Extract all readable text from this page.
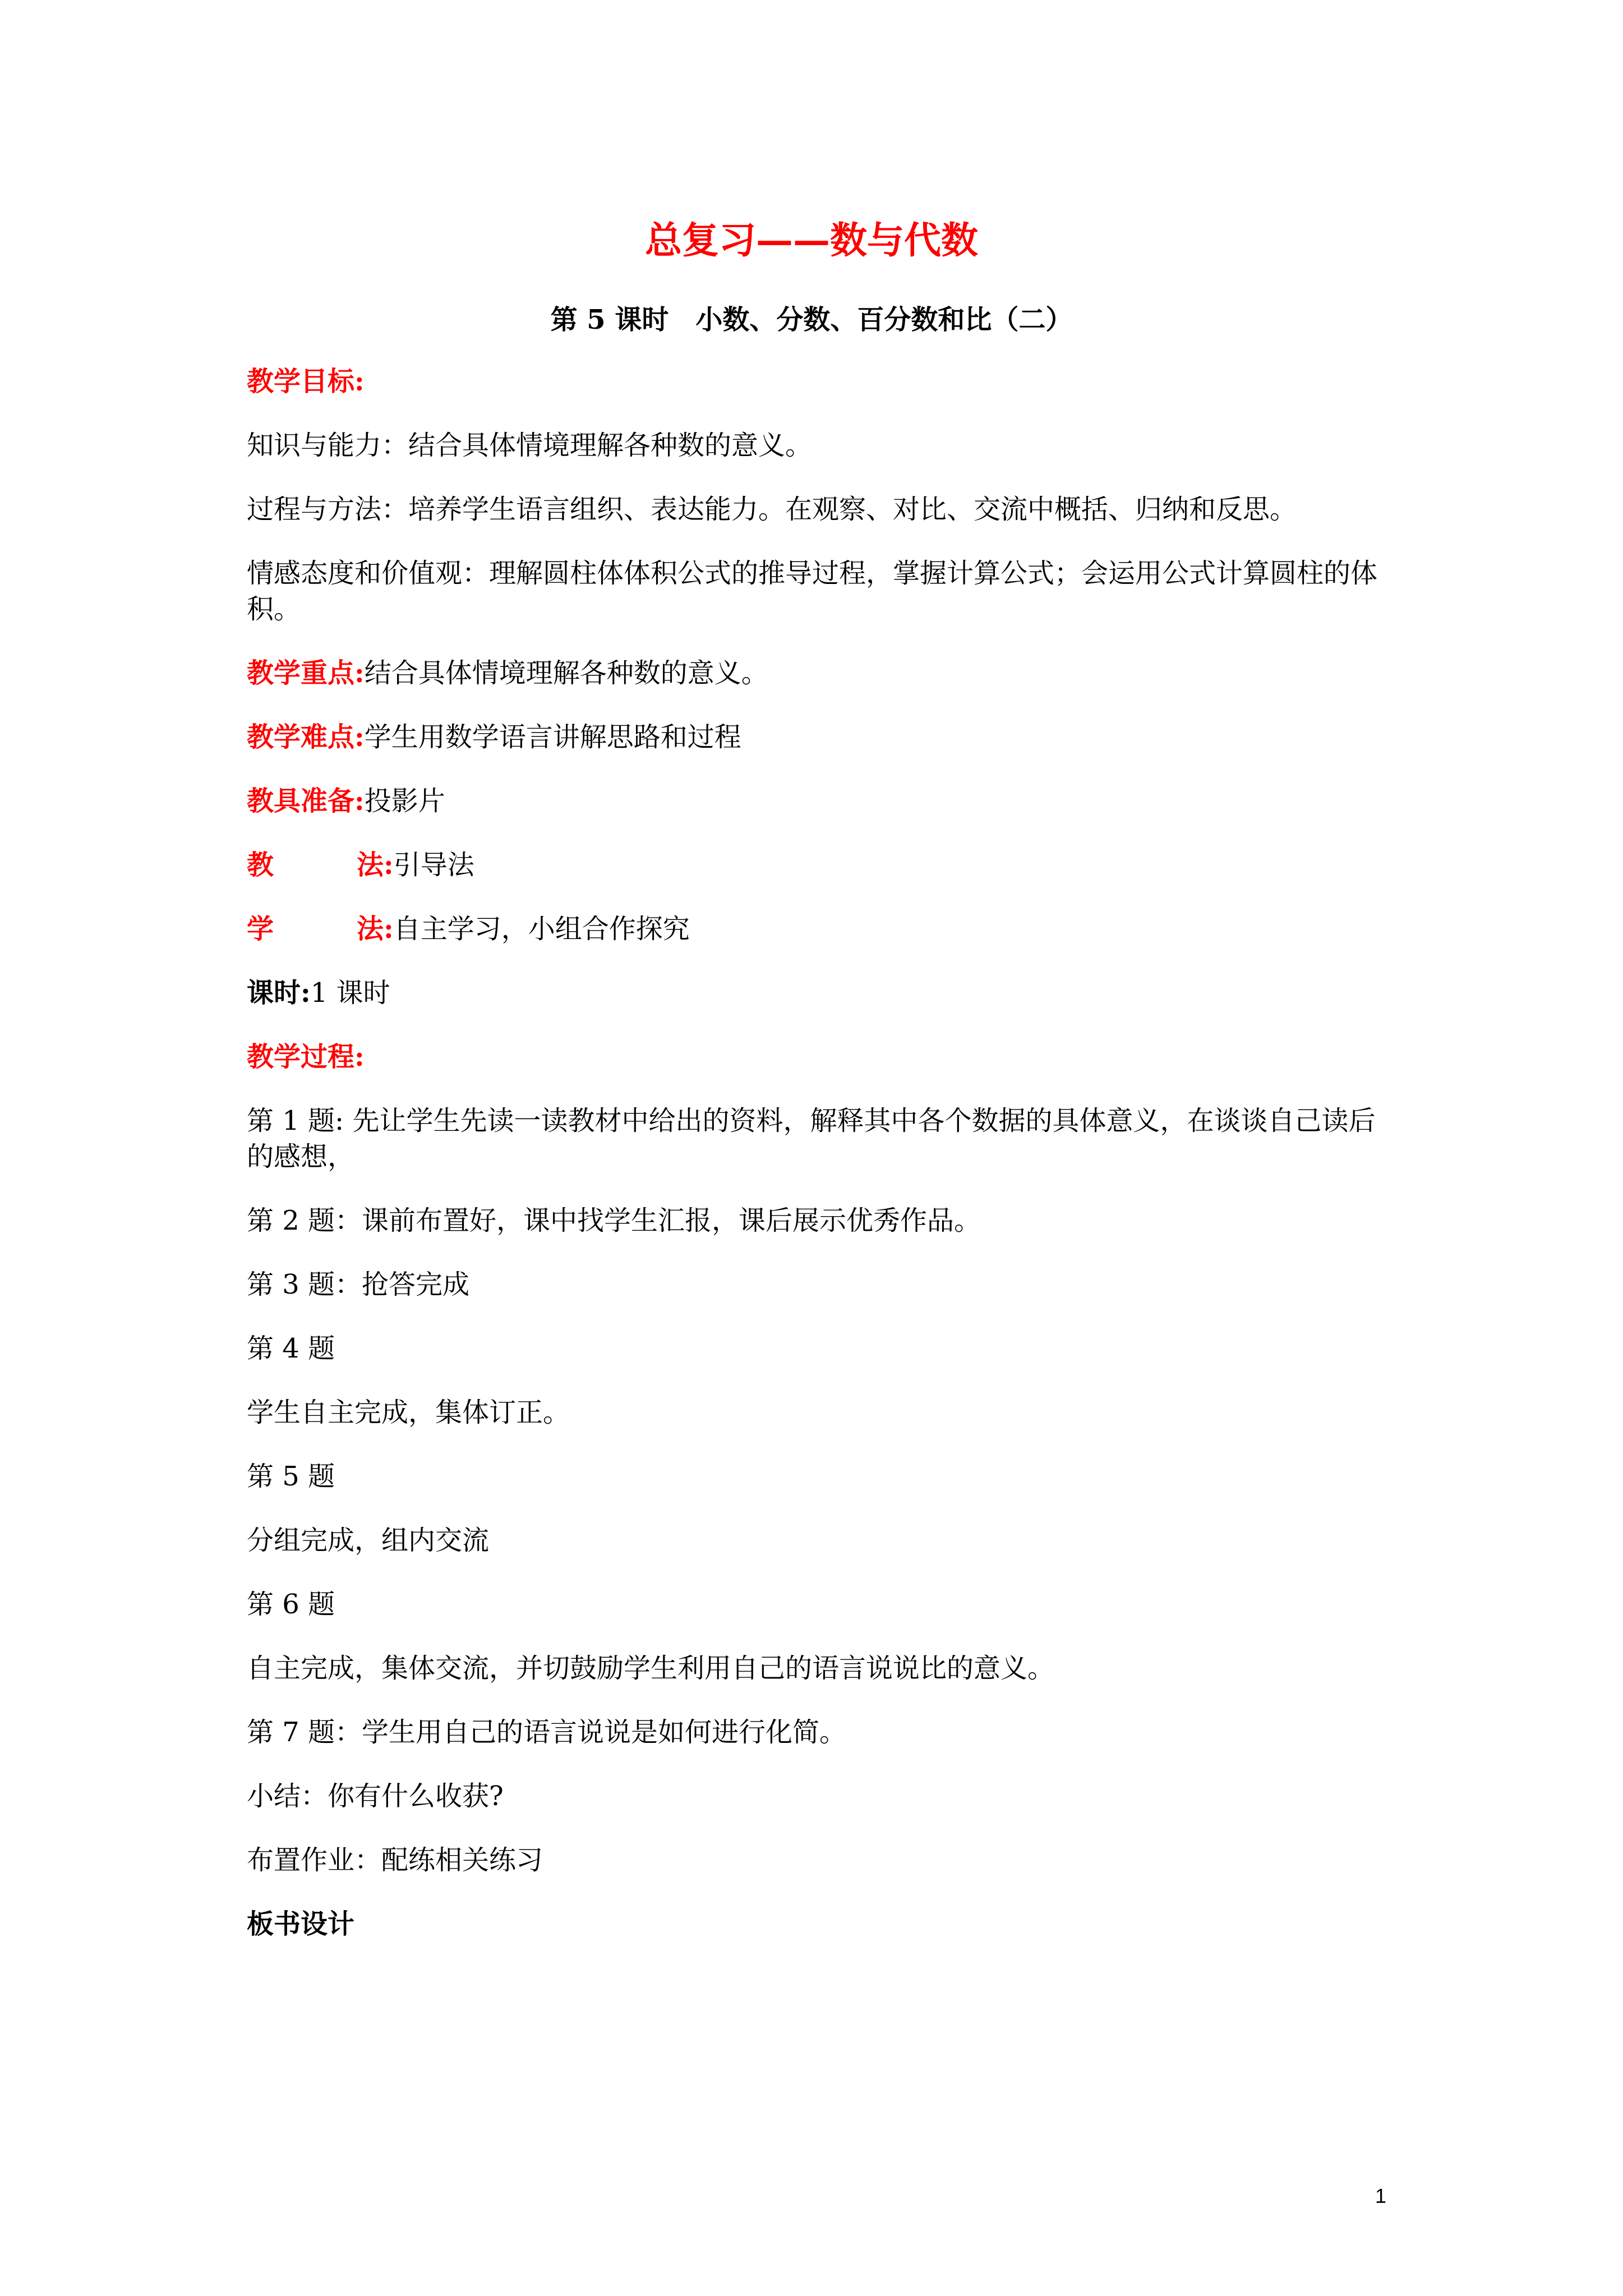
总复习——数与代数
第 5 课时　小数、分数、百分数和比（二）

教学目标:

知识与能力：结合具体情境理解各种数的意义。

过程与方法：培养学生语言组织、表达能力。在观察、对比、交流中概括、归纳和反思。

情感态度和价值观：理解圆柱体体积公式的推导过程，掌握计算公式；会运用公式计算圆柱的体积。

教学重点:结合具体情境理解各种数的意义。

教学难点:学生用数学语言讲解思路和过程

教具准备:投影片

教	法:引导法

学	法:自主学习，小组合作探究

课时:1 课时

教学过程:

第 1 题: 先让学生先读一读教材中给出的资料，解释其中各个数据的具体意义，在谈谈自己读后的感想，

第 2 题：课前布置好，课中找学生汇报，课后展示优秀作品。

第 3 题：抢答完成

第 4 题

学生自主完成，集体订正。

第 5 题

分组完成，组内交流

第 6 题

自主完成，集体交流，并切鼓励学生利用自己的语言说说比的意义。

第 7 题：学生用自己的语言说说是如何进行化简。

小结：你有什么收获?

布置作业：配练相关练习

板书设计

1
